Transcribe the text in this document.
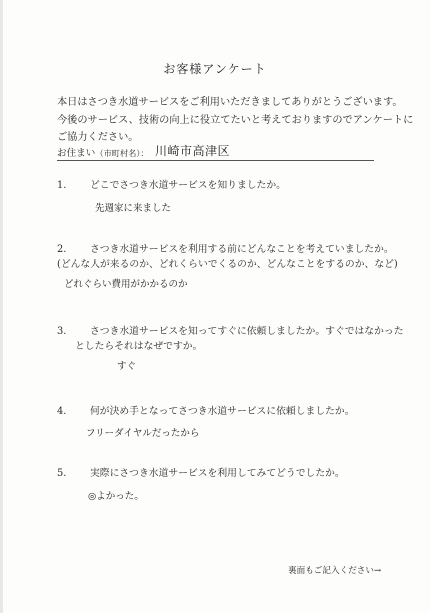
お客様アンケート

本日はさつき水道サービスをご利用いただきましてありがとうございます。

今後のサービス、技術の向上に役立てたいと考えておりますのでアンケートに

ご協力ください。

お住まい（市町村名）： 川崎市高津区
1. どこでさつき水道サービスを知りましたか。
先週家に来ました
2. さつき水道サービスを利用する前にどんなことを考えていましたか。
(どんな人が来るのか、どれくらいでくるのか、どんなことをするのか、など)
どれぐらい費用がかかるのか
3. さつき水道サービスを知ってすぐに依頼しましたか。すぐではなかった
としたらそれはなぜですか。
すぐ
4. 何が決め手となってさつき水道サービスに依頼しましたか。
フリーダイヤルだったから
5. 実際にさつき水道サービスを利用してみてどうでしたか。
◎よかった。
裏面もご記入ください→
